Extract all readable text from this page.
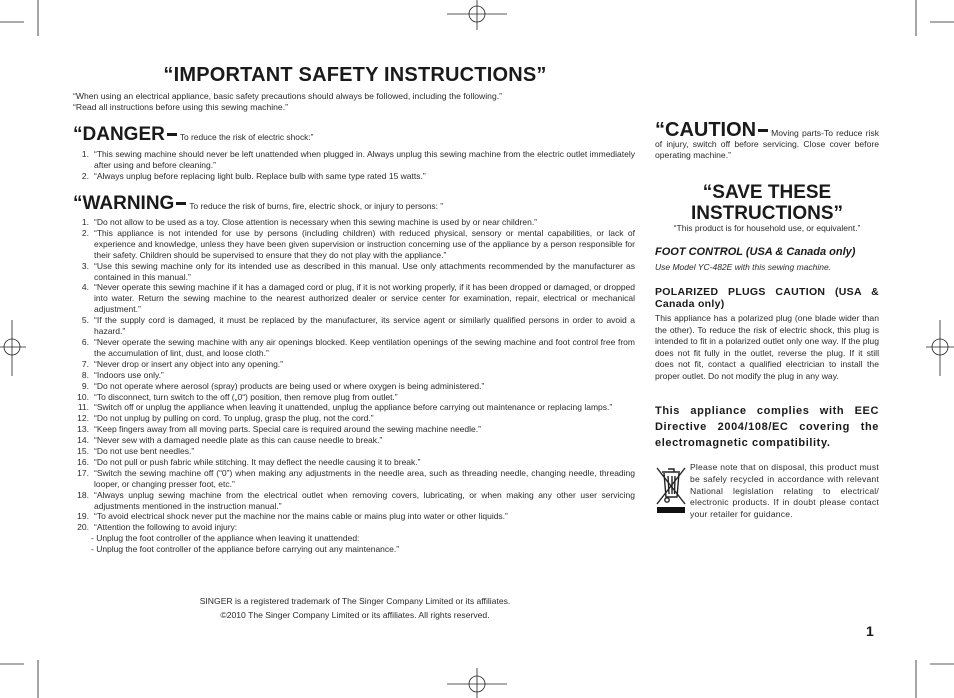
“IMPORTANT SAFETY INSTRUCTIONS”
“When using an electrical appliance, basic safety precautions should always be followed, including the following.”
“Read all instructions before using this sewing machine.”
“DANGER To reduce the risk of electric shock:”
1. “This sewing machine should never be left unattended when plugged in. Always unplug this sewing machine from the electric outlet immediately after using and before cleaning.”
2. “Always unplug before replacing light bulb. Replace bulb with same type rated 15 watts.”
“WARNING To reduce the risk of burns, fire, electric shock, or injury to persons: ”
1. “Do not allow to be used as a toy. Close attention is necessary when this sewing machine is used by or near children.”
2. “This appliance is not intended for use by persons (including children) with reduced physical, sensory or mental capabilities, or lack of experience and knowledge, unless they have been given supervision or instruction concerning use of the appliance by a person responsible for their safety. Children should be supervised to ensure that they do not play with the appliance.”
3. “Use this sewing machine only for its intended use as described in this manual. Use only attachments recommended by the manufacturer as contained in this manual.”
4. “Never operate this sewing machine if it has a damaged cord or plug, if it is not working properly, if it has been dropped or damaged, or dropped into water. Return the sewing machine to the nearest authorized dealer or service center for examination, repair, electrical or mechanical adjustment.”
5. “If the supply cord is damaged, it must be replaced by the manufacturer, its service agent or similarly qualified persons in order to avoid a hazard.”
6. “Never operate the sewing machine with any air openings blocked. Keep ventilation openings of the sewing machine and foot control free from the accumulation of lint, dust, and loose cloth.”
7. “Never drop or insert any object into any opening.”
8. “Indoors use only.”
9. “Do not operate where aerosol (spray) products are being used or where oxygen is being administered.”
10. “To disconnect, turn switch to the off („0“) position, then remove plug from outlet.”
11. “Switch off or unplug the appliance when leaving it unattended, unplug the appliance before carrying out maintenance or replacing lamps.”
12. “Do not unplug by pulling on cord. To unplug, grasp the plug, not the cord.”
13. “Keep fingers away from all moving parts. Special care is required around the sewing machine needle.”
14. “Never sew with a damaged needle plate as this can cause needle to break.”
15. “Do not use bent needles.”
16. “Do not pull or push fabric while stitching. It may deflect the needle causing it to break.”
17. “Switch the sewing machine off (“0”) when making any adjustments in the needle area, such as threading needle, changing needle, threading looper, or changing presser foot, etc.”
18. “Always unplug sewing machine from the electrical outlet when removing covers, lubricating, or when making any other user servicing adjustments mentioned in the instruction manual.”
19. “To avoid electrical shock never put the machine nor the mains cable or mains plug into water or other liquids.”
20. “Attention the following to avoid injury:
- Unplug the foot controller of the appliance when leaving it unattended:
- Unplug the foot controller of the appliance before carrying out any maintenance.”
SINGER is a registered trademark of The Singer Company Limited or its affiliates.
©2010 The Singer Company Limited or its affiliates. All rights reserved.
“CAUTION Moving parts-To reduce risk of injury, switch off before servicing. Close cover before operating machine.”
“SAVE THESE
INSTRUCTIONS”
“This product is for household use, or equivalent.”
FOOT CONTROL (USA & Canada only)
Use Model YC-482E with this sewing machine.
POLARIZED PLUGS CAUTION (USA & Canada only)
This appliance has a polarized plug (one blade wider than the other). To reduce the risk of electric shock, this plug is intended to fit in a polarized outlet only one way. If the plug does not fit fully in the outlet, reverse the plug. If it still does not fit, contact a qualified electrician to install the proper outlet. Do not modify the plug in any way.
This appliance complies with EEC Directive 2004/108/EC covering the electromagnetic compatibility.
Please note that on disposal, this product must be safely recycled in accordance with relevant National legislation relating to electrical/ electronic products. If in doubt please contact your retailer for guidance.
1
